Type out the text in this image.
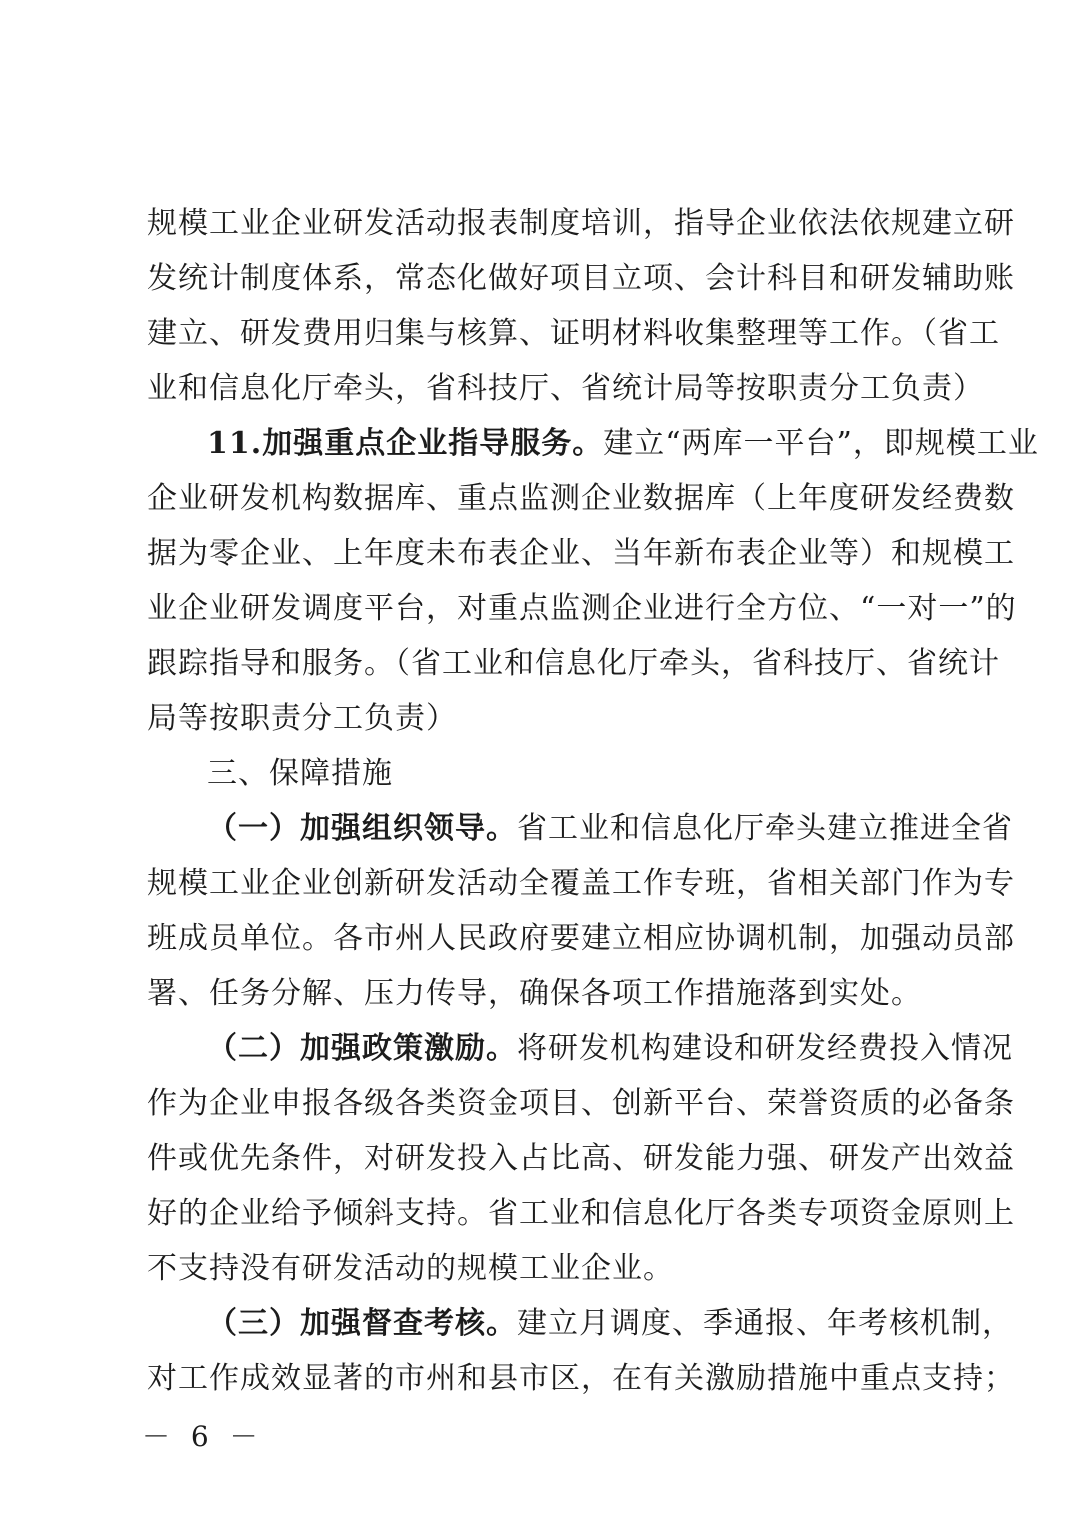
规模工业企业研发活动报表制度培训，指导企业依法依规建立研
发统计制度体系，常态化做好项目立项、会计科目和研发辅助账
建立、研发费用归集与核算、证明材料收集整理等工作。（省工
业和信息化厅牵头，省科技厅、省统计局等按职责分工负责）
11.加强重点企业指导服务。 建立“两库一平台”，即规模工业
企业研发机构数据库、重点监测企业数据库（上年度研发经费数
据为零企业、上年度未布表企业、当年新布表企业等）和规模工
业企业研发调度平台，对重点监测企业进行全方位、“一对一”的
跟踪指导和服务。（省工业和信息化厅牵头，省科技厅、省统计
局等按职责分工负责）
三、保障措施
（一）加强组织领导。 省工业和信息化厅牵头建立推进全省
规模工业企业创新研发活动全覆盖工作专班，省相关部门作为专
班成员单位。各市州人民政府要建立相应协调机制，加强动员部
署、任务分解、压力传导，确保各项工作措施落到实处。
（二）加强政策激励。 将研发机构建设和研发经费投入情况
作为企业申报各级各类资金项目、创新平台、荣誉资质的必备条
件或优先条件，对研发投入占比高、研发能力强、研发产出效益
好的企业给予倾斜支持。省工业和信息化厅各类专项资金原则上
不支持没有研发活动的规模工业企业。
（三）加强督查考核。 建立月调度、季通报、年考核机制，
对工作成效显著的市州和县市区，在有关激励措施中重点支持；
－ 6 －
